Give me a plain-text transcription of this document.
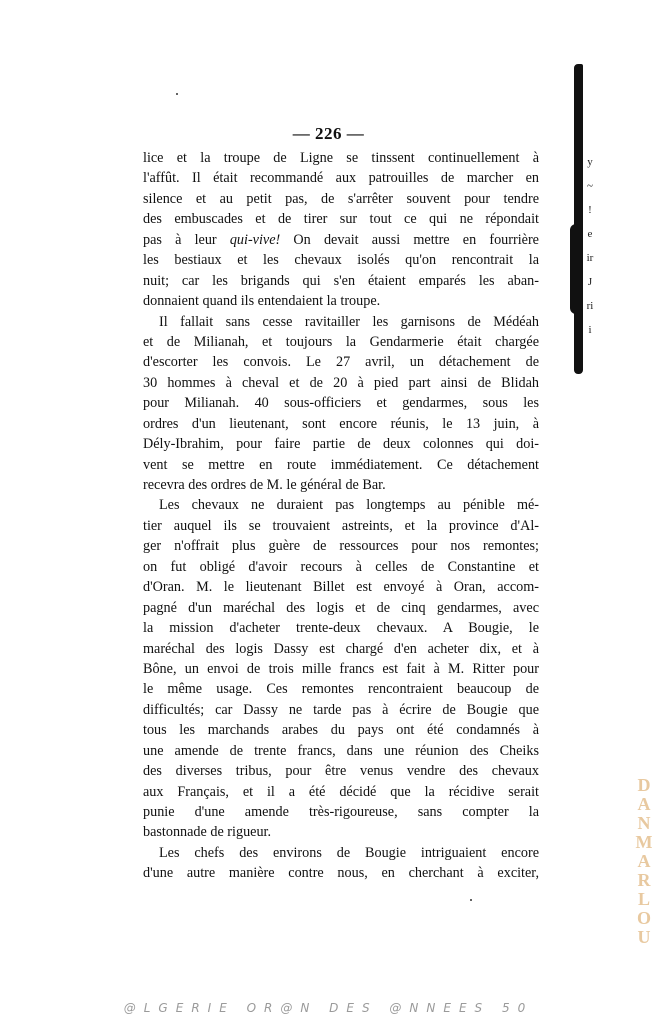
— 226 —
lice et la troupe de Ligne se tinssent continuellement à
l'affût. Il était recommandé aux patrouilles de marcher en
silence et au petit pas, de s'arrêter souvent pour tendre
des embuscades et de tirer sur tout ce qui ne répondait
pas à leur qui-vive! On devait aussi mettre en fourrière
les bestiaux et les chevaux isolés qu'on rencontrait la
nuit; car les brigands qui s'en étaient emparés les aban-
donnaient quand ils entendaient la troupe.
Il fallait sans cesse ravitailler les garnisons de Médéah
et de Milianah, et toujours la Gendarmerie était chargée
d'escorter les convois. Le 27 avril, un détachement de
30 hommes à cheval et de 20 à pied part ainsi de Blidah
pour Milianah. 40 sous-officiers et gendarmes, sous les
ordres d'un lieutenant, sont encore réunis, le 13 juin, à
Dély-Ibrahim, pour faire partie de deux colonnes qui doi-
vent se mettre en route immédiatement. Ce détachement
recevra des ordres de M. le général de Bar.
Les chevaux ne duraient pas longtemps au pénible mé-
tier auquel ils se trouvaient astreints, et la province d'Al-
ger n'offrait plus guère de ressources pour nos remontes;
on fut obligé d'avoir recours à celles de Constantine et
d'Oran. M. le lieutenant Billet est envoyé à Oran, accom-
pagné d'un maréchal des logis et de cinq gendarmes, avec
la mission d'acheter trente-deux chevaux. A Bougie, le
maréchal des logis Dassy est chargé d'en acheter dix, et à
Bône, un envoi de trois mille francs est fait à M. Ritter pour
le même usage. Ces remontes rencontraient beaucoup de
difficultés; car Dassy ne tarde pas à écrire de Bougie que
tous les marchands arabes du pays ont été condamnés à
une amende de trente francs, dans une réunion des Cheiks
des diverses tribus, pour être venus vendre des chevaux
aux Français, et il a été décidé que la récidive serait
punie d'une amende très-rigoureuse, sans compter la
bastonnade de rigueur.
Les chefs des environs de Bougie intriguaient encore
d'une autre manière contre nous, en cherchant à exciter,
y
~
!
e
ir
J
ri
i
DANMARLOU
@LGERIE OR@N DES @NNEES 50
